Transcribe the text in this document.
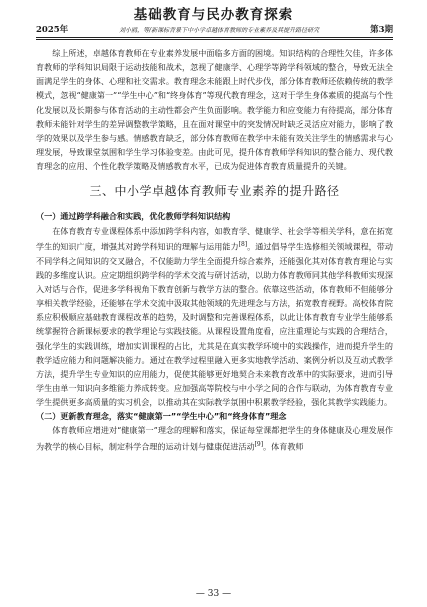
基础教育与民办教育探索
2025年	刘小鸥，等/新课标背景下中小学卓越体育教师的专业素养及其提升路径研究	第3期

综上所述，卓越体育教师在专业素养发展中面临多方面的困境。知识结构的合理性欠佳，许多体育教师的学科知识局限于运动技能和战术，忽视了健康学、心理学等跨学科领域的整合，导致无法全面满足学生的身体、心理和社交需求。教育理念未能跟上时代步伐，部分体育教师还依赖传统的教学模式，忽视“健康第一”“学生中心”和“终身体育”等现代教育理念，这对于学生身体素质的提高与个性化发展以及长期参与体育活动的主动性都会产生负面影响。教学能力和应变能力有待提高，部分体育教师未能针对学生的差异调整教学策略，且在面对课堂中的突发情况时缺乏灵活应对能力，影响了教学的效果以及学生参与感。情感教育缺乏，部分体育教师在教学中未能有效关注学生的情感需求与心理发展，导致课堂氛围和学生学习体验变差。由此可见，提升体育教师学科知识的整合能力、现代教育理念的应用、个性化教学策略及情感教育水平，已成为促进体育教育质量提升的关键。

三、中小学卓越体育教师专业素养的提升路径

（一）通过跨学科融合和实践，优化教师学科知识结构

在体育教育专业课程体系中添加跨学科内容，如教育学、健康学、社会学等相关学科，意在拓宽学生的知识广度，增强其对跨学科知识的理解与运用能力[8]。通过倡导学生选修相关领域课程，带动不同学科之间知识的交叉融合，不仅能助力学生全面提升综合素养，还能强化其对体育教育理论与实践的多维度认识。应定期组织跨学科的学术交流与研讨活动，以助力体育教师同其他学科教师实现深入对话与合作，促进多学科视角下教育创新与教学方法的整合。依靠这些活动，体育教师不但能够分享相关教学经验，还能够在学术交流中汲取其他领域的先进理念与方法，拓宽教育视野。高校体育院系应积极顺应基础教育课程改革的趋势，及时调整和完善课程体系，以此让体育教育专业学生能够系统掌握符合新课标要求的教学理论与实践技能。从课程设置角度看，应注重理论与实践的合理结合，强化学生的实践训练，增加实训课程的占比，尤其是在真实教学环境中的实践操作，进而提升学生的教学适应能力和问题解决能力。通过在教学过程里融入更多实地教学活动、案例分析以及互动式教学方法，提升学生专业知识的应用能力，促使其能够更好地契合未来教育改革中的实际要求，进而引导学生由单一知识向多维能力养成转变。应加强高等院校与中小学之间的合作与联动，为体育教育专业学生提供更多高质量的实习机会，以推动其在实际教学氛围中积累教学经验，强化其教学实践能力。

（二）更新教育理念，落实“健康第一”“学生中心”和“终身体育”理念

体育教师应增进对“健康第一”理念的理解和落实，保证每堂课都把学生的身体健康及心理发展作为教学的核心目标，制定科学合理的运动计划与健康促进活动[9]。体育教师

— 33 —
